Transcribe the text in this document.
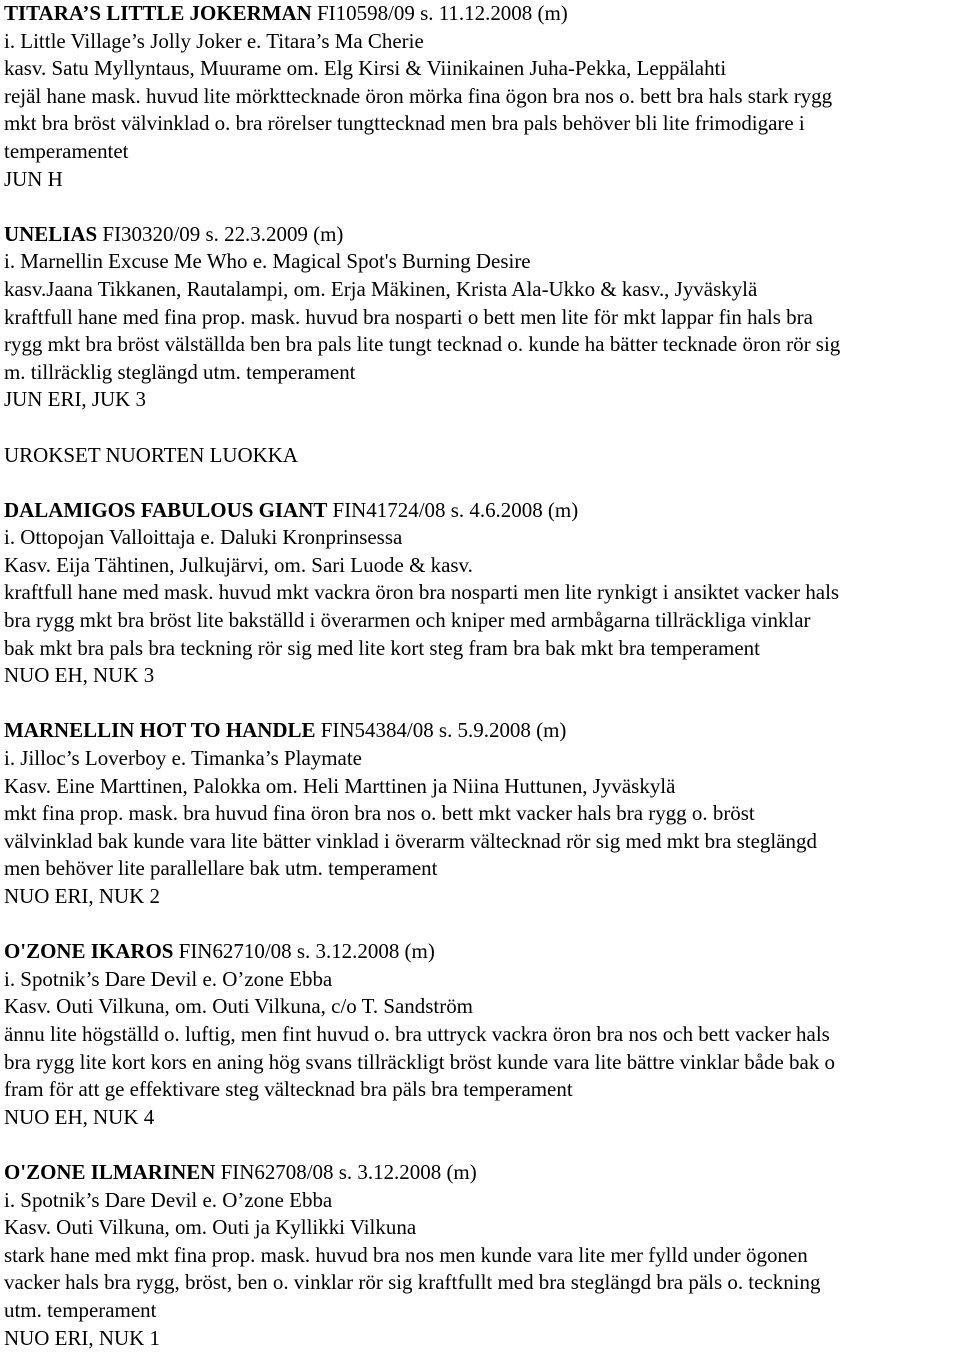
TITARA’S LITTLE JOKERMAN FI10598/09 s. 11.12.2008 (m)
i. Little Village’s Jolly Joker e. Titara’s Ma Cherie
kasv. Satu Myllyntaus, Muurame om. Elg Kirsi & Viinikainen Juha-Pekka, Leppälahti
rejäl hane mask. huvud lite mörkttecknade öron mörka fina ögon bra nos o. bett bra hals stark rygg
mkt bra bröst välvinklad o. bra rörelser tungttecknad men bra pals behöver bli lite frimodigare i
temperamentet
JUN H
UNELIAS FI30320/09 s. 22.3.2009 (m)
i. Marnellin Excuse Me Who e. Magical Spot's Burning Desire
kasv.Jaana Tikkanen, Rautalampi, om. Erja Mäkinen, Krista Ala-Ukko & kasv., Jyväskylä
kraftfull hane med fina prop. mask. huvud bra nosparti o bett men lite för mkt lappar fin hals bra
rygg mkt bra bröst välställda ben bra pals lite tungt tecknad o. kunde ha bätter tecknade öron rör sig
m. tillräcklig steglängd utm. temperament
JUN ERI, JUK 3
UROKSET NUORTEN LUOKKA
DALAMIGOS FABULOUS GIANT FIN41724/08 s. 4.6.2008 (m)
i. Ottopojan Valloittaja e. Daluki Kronprinsessa
Kasv. Eija Tähtinen, Julkujärvi, om. Sari Luode & kasv.
kraftfull hane med mask. huvud mkt vackra öron bra nosparti men lite rynkigt i ansiktet vacker hals
bra rygg mkt bra bröst lite bakställd i överarmen och kniper med armbågarna tillräckliga vinklar
bak mkt bra pals bra teckning rör sig med lite kort steg fram bra bak mkt bra temperament
NUO EH, NUK 3
MARNELLIN HOT TO HANDLE FIN54384/08 s. 5.9.2008 (m)
i. Jilloc’s Loverboy e. Timanka’s Playmate
Kasv. Eine Marttinen, Palokka om. Heli Marttinen ja Niina Huttunen, Jyväskylä
mkt fina prop. mask. bra huvud fina öron bra nos o. bett mkt vacker hals bra rygg o. bröst
välvinklad bak kunde vara lite bätter vinklad i överarm vältecknad rör sig med mkt bra steglängd
men behöver lite parallellare bak utm. temperament
NUO ERI, NUK 2
O'ZONE IKAROS FIN62710/08 s. 3.12.2008 (m)
i. Spotnik’s Dare Devil e. O’zone Ebba
Kasv. Outi Vilkuna, om. Outi Vilkuna, c/o T. Sandström
ännu lite högställd o. luftig, men fint huvud o. bra uttryck vackra öron bra nos och bett vacker hals
bra rygg lite kort kors en aning hög svans tillräckligt bröst kunde vara lite bättre vinklar både bak o
fram för att ge effektivare steg vältecknad bra päls bra temperament
NUO EH, NUK 4
O'ZONE ILMARINEN FIN62708/08 s. 3.12.2008 (m)
i. Spotnik’s Dare Devil e. O’zone Ebba
Kasv. Outi Vilkuna, om. Outi ja Kyllikki Vilkuna
stark hane med mkt fina prop. mask. huvud bra nos men kunde vara lite mer fylld under ögonen
vacker hals bra rygg, bröst, ben o. vinklar rör sig kraftfullt med bra steglängd bra päls o. teckning
utm. temperament
NUO ERI, NUK 1
